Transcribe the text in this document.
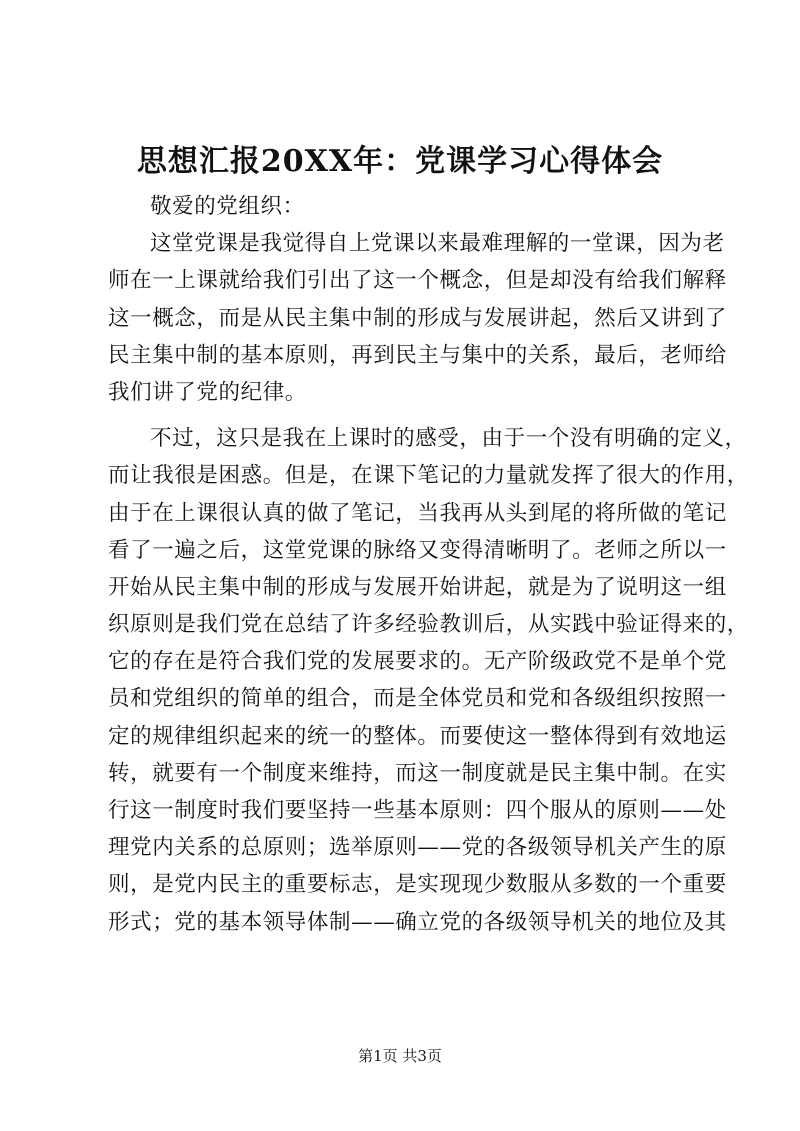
思想汇报20XX年：党课学习心得体会
敬爱的党组织：
这堂党课是我觉得自上党课以来最难理解的一堂课，因为老
师在一上课就给我们引出了这一个概念，但是却没有给我们解释
这一概念，而是从民主集中制的形成与发展讲起，然后又讲到了
民主集中制的基本原则，再到民主与集中的关系，最后，老师给
我们讲了党的纪律。
不过，这只是我在上课时的感受，由于一个没有明确的定义，
而让我很是困惑。但是，在课下笔记的力量就发挥了很大的作用，
由于在上课很认真的做了笔记，当我再从头到尾的将所做的笔记
看了一遍之后，这堂党课的脉络又变得清晰明了。老师之所以一
开始从民主集中制的形成与发展开始讲起，就是为了说明这一组
织原则是我们党在总结了许多经验教训后，从实践中验证得来的，
它的存在是符合我们党的发展要求的。无产阶级政党不是单个党
员和党组织的简单的组合，而是全体党员和党和各级组织按照一
定的规律组织起来的统一的整体。而要使这一整体得到有效地运
转，就要有一个制度来维持，而这一制度就是民主集中制。在实
行这一制度时我们要坚持一些基本原则：四个服从的原则——处
理党内关系的总原则；选举原则——党的各级领导机关产生的原
则，是党内民主的重要标志，是实现现少数服从多数的一个重要
形式；党的基本领导体制——确立党的各级领导机关的地位及其
第1页 共3页
